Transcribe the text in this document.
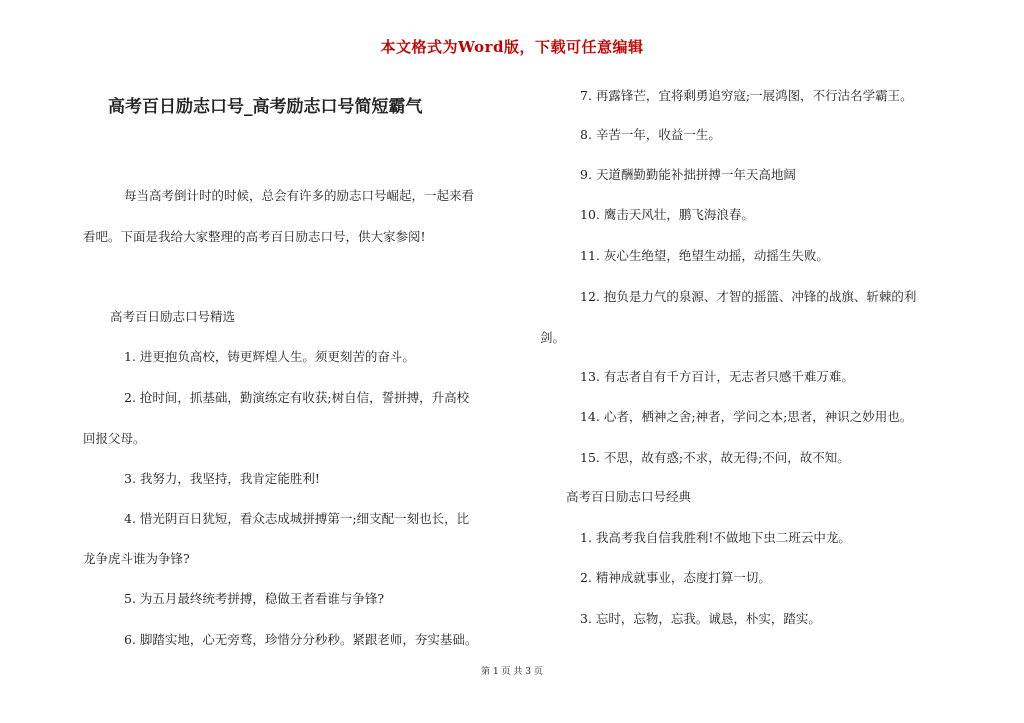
本文格式为Word版，下载可任意编辑
高考百日励志口号_高考励志口号简短霸气
每当高考倒计时的时候，总会有许多的励志口号崛起，一起来看
看吧。下面是我给大家整理的高考百日励志口号，供大家参阅!
高考百日励志口号精选
1. 进更抱负高校，铸更辉煌人生。须更刻苦的奋斗。
2. 抢时间，抓基础，勤演练定有收获;树自信，誓拼搏，升高校
回报父母。
3. 我努力，我坚持，我肯定能胜利!
4. 惜光阴百日犹短，看众志成城拼搏第一;细支配一刻也长，比
龙争虎斗谁为争锋?
5. 为五月最终统考拼搏，稳做王者看谁与争锋?
6. 脚踏实地，心无旁骛，珍惜分分秒秒。紧跟老师，夯实基础。
7. 再露锋芒，宜将剩勇追穷寇;一展鸿图，不行沽名学霸王。
8. 辛苦一年，收益一生。
9. 天道酬勤勤能补拙拼搏一年天高地阔
10. 鹰击天风壮，鹏飞海浪春。
11. 灰心生绝望，绝望生动摇，动摇生失败。
12. 抱负是力气的泉源、才智的摇篮、冲锋的战旗、斩棘的利
剑。
13. 有志者自有千方百计，无志者只感千难万难。
14. 心者，栖神之舍;神者，学问之本;思者，神识之妙用也。
15. 不思，故有惑;不求，故无得;不问，故不知。
高考百日励志口号经典
1. 我高考我自信我胜利!不做地下虫二班云中龙。
2. 精神成就事业，态度打算一切。
3. 忘时，忘物，忘我。诚恳，朴实，踏实。
第 1 页 共 3 页
